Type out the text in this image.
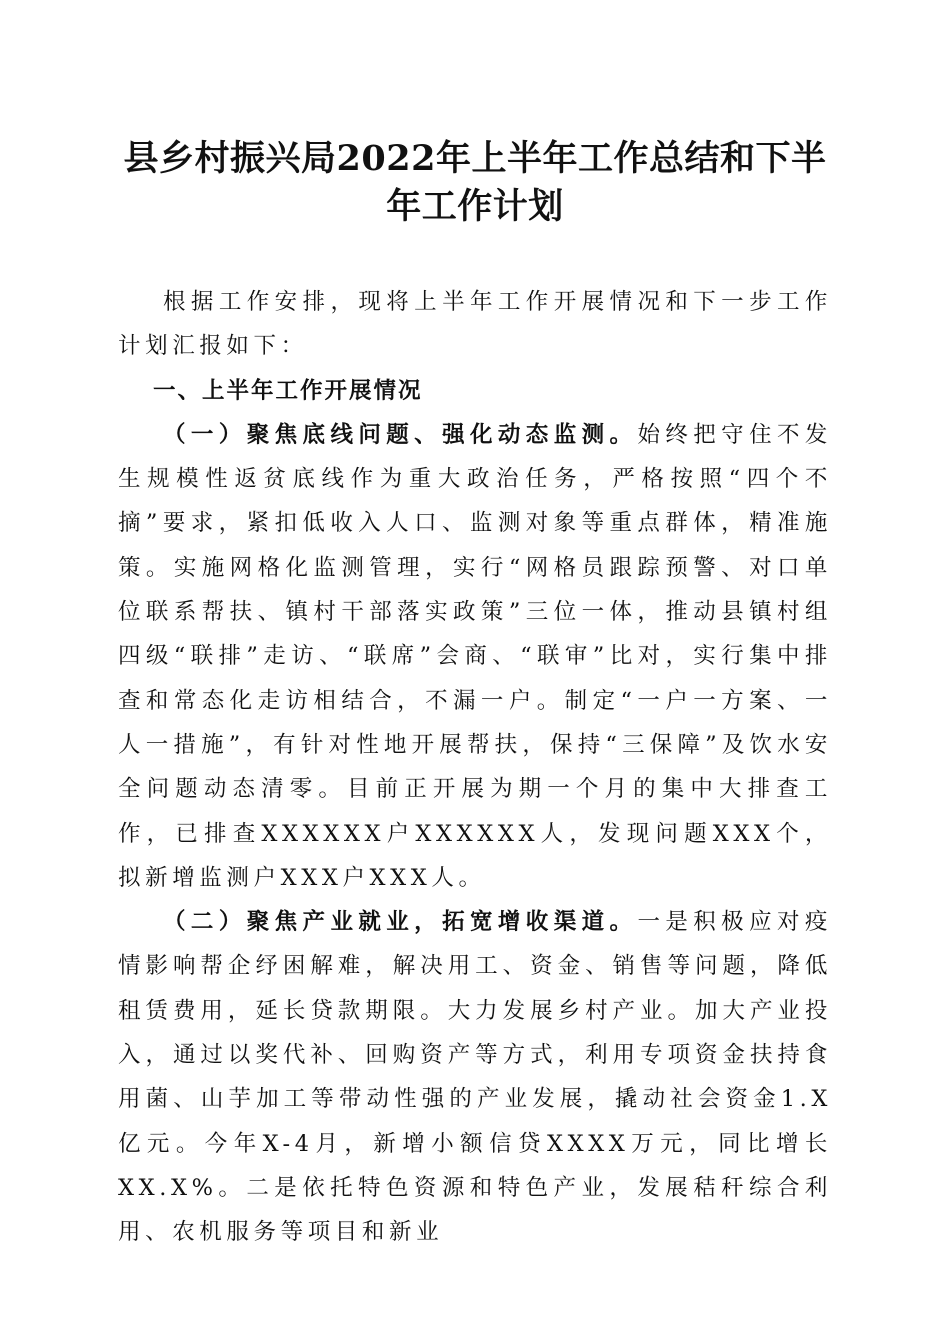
县乡村振兴局2022年上半年工作总结和下半年工作计划

根据工作安排，现将上半年工作开展情况和下一步工作计划汇报如下：

一、上半年工作开展情况

（一）聚焦底线问题、强化动态监测。始终把守住不发生规模性返贫底线作为重大政治任务，严格按照“四个不摘”要求，紧扣低收入人口、监测对象等重点群体，精准施策。实施网格化监测管理，实行“网格员跟踪预警、对口单位联系帮扶、镇村干部落实政策”三位一体，推动县镇村组四级“联排”走访、“联席”会商、“联审”比对，实行集中排查和常态化走访相结合，不漏一户。制定“一户一方案、一人一措施”，有针对性地开展帮扶，保持“三保障”及饮水安全问题动态清零。目前正开展为期一个月的集中大排查工作，已排查XXXXXX户XXXXXX人，发现问题XXX个，拟新增监测户XXX户XXX人。

（二）聚焦产业就业，拓宽增收渠道。一是积极应对疫情影响帮企纾困解难，解决用工、资金、销售等问题，降低租赁费用，延长贷款期限。大力发展乡村产业。加大产业投入，通过以奖代补、回购资产等方式，利用专项资金扶持食用菌、山芋加工等带动性强的产业发展，撬动社会资金1.X亿元。今年X-4月，新增小额信贷XXXX万元，同比增长XX.X%。二是依托特色资源和特色产业，发展秸秆综合利用、农机服务等项目和新业
